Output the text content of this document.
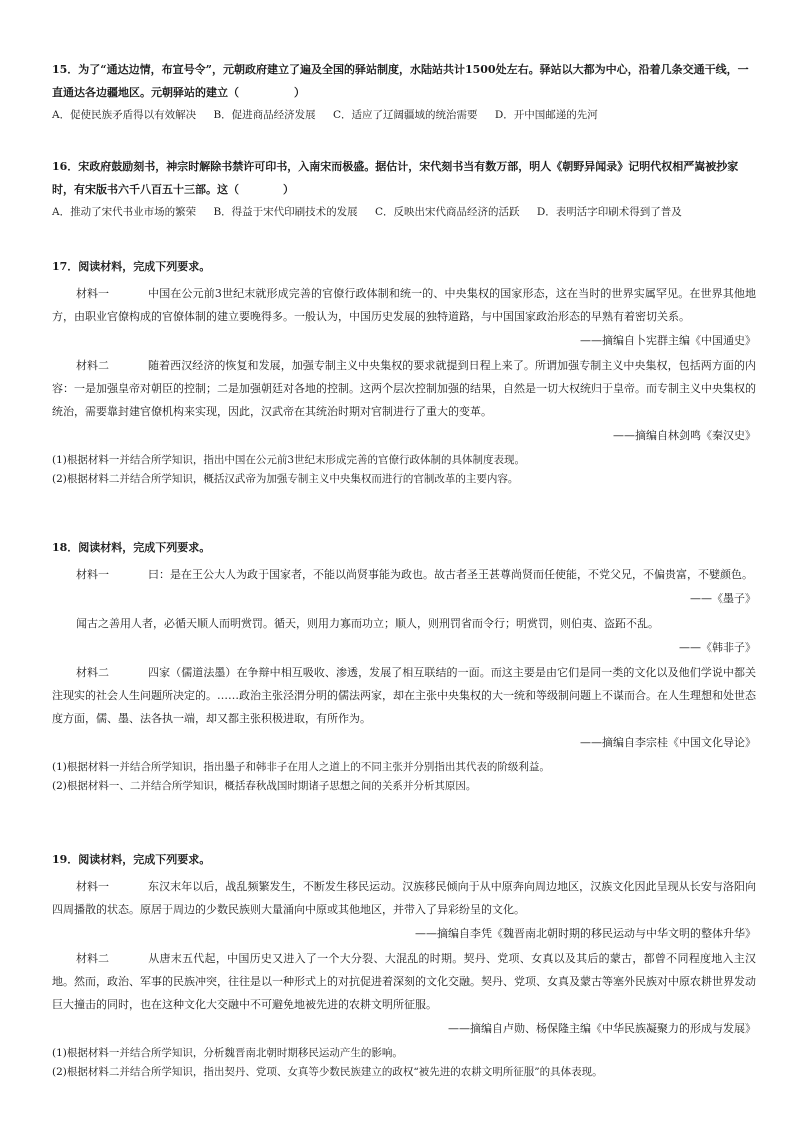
15．为了“通达边情，布宣号令”，元朝政府建立了遍及全国的驿站制度，水陆站共计1500处左右。驿站以大都为中心，沿着几条交通干线，一直通达各边疆地区。元朝驿站的建立（　　　　　）

A．促使民族矛盾得以有效解决 B．促进商品经济发展 C．适应了辽阔疆域的统治需要 D．开中国邮递的先河

16．宋政府鼓励刻书，神宗时解除书禁许可印书，入南宋而极盛。据估计，宋代刻书当有数万部，明人《朝野异闻录》记明代权相严嵩被抄家时，有宋版书六千八百五十三部。这（　　　　）

A．推动了宋代书业市场的繁荣 B．得益于宋代印刷技术的发展 C．反映出宋代商品经济的活跃 D．表明活字印刷术得到了普及

17．阅读材料，完成下列要求。

材料一	中国在公元前3世纪末就形成完善的官僚行政体制和统一的、中央集权的国家形态，这在当时的世界实属罕见。在世界其他地方，由职业官僚构成的官僚体制的建立要晚得多。一般认为，中国历史发展的独特道路，与中国国家政治形态的早熟有着密切关系。

——摘编自卜宪群主编《中国通史》

材料二	随着西汉经济的恢复和发展，加强专制主义中央集权的要求就提到日程上来了。所谓加强专制主义中央集权，包括两方面的内容：一是加强皇帝对朝臣的控制；二是加强朝廷对各地的控制。这两个层次控制加强的结果，自然是一切大权统归于皇帝。而专制主义中央集权的统治，需要靠封建官僚机构来实现，因此，汉武帝在其统治时期对官制进行了重大的变革。

——摘编自林剑鸣《秦汉史》

(1)根据材料一并结合所学知识，指出中国在公元前3世纪末形成完善的官僚行政体制的具体制度表现。

(2)根据材料二并结合所学知识，概括汉武帝为加强专制主义中央集权而进行的官制改革的主要内容。

18．阅读材料，完成下列要求。

材料一	曰：是在王公大人为政于国家者，不能以尚贤事能为政也。故古者圣王甚尊尚贤而任使能，不党父兄，不偏贵富，不嬖颜色。

——《墨子》

闻古之善用人者，必循天顺人而明赏罚。循天，则用力寡而功立；顺人，则刑罚省而令行；明赏罚，则伯夷、盗跖不乱。

——《韩非子》

材料二	四家（儒道法墨）在争辩中相互吸收、渗透，发展了相互联结的一面。而这主要是由它们是同一类的文化以及他们学说中都关注现实的社会人生问题所决定的。……政治主张泾渭分明的儒法两家，却在主张中央集权的大一统和等级制问题上不谋而合。在人生理想和处世态度方面，儒、墨、法各执一端，却又都主张积极进取，有所作为。

——摘编自李宗桂《中国文化导论》

(1)根据材料一并结合所学知识，指出墨子和韩非子在用人之道上的不同主张并分别指出其代表的阶级利益。

(2)根据材料一、二并结合所学知识，概括春秋战国时期诸子思想之间的关系并分析其原因。

19．阅读材料，完成下列要求。

材料一	东汉末年以后，战乱频繁发生，不断发生移民运动。汉族移民倾向于从中原奔向周边地区，汉族文化因此呈现从长安与洛阳向四周播散的状态。原居于周边的少数民族则大量涌向中原或其他地区，并带入了异彩纷呈的文化。

——摘编自李凭《魏晋南北朝时期的移民运动与中华文明的整体升华》

材料二	从唐末五代起，中国历史又进入了一个大分裂、大混乱的时期。契丹、党项、女真以及其后的蒙古，都曾不同程度地入主汉地。然而，政治、军事的民族冲突，往往是以一种形式上的对抗促进着深刻的文化交融。契丹、党项、女真及蒙古等塞外民族对中原农耕世界发动巨大撞击的同时，也在这种文化大交融中不可避免地被先进的农耕文明所征服。

——摘编自卢勋、杨保隆主编《中华民族凝聚力的形成与发展》

(1)根据材料一并结合所学知识，分析魏晋南北朝时期移民运动产生的影响。

(2)根据材料二并结合所学知识，指出契丹、党项、女真等少数民族建立的政权“被先进的农耕文明所征服”的具体表现。
